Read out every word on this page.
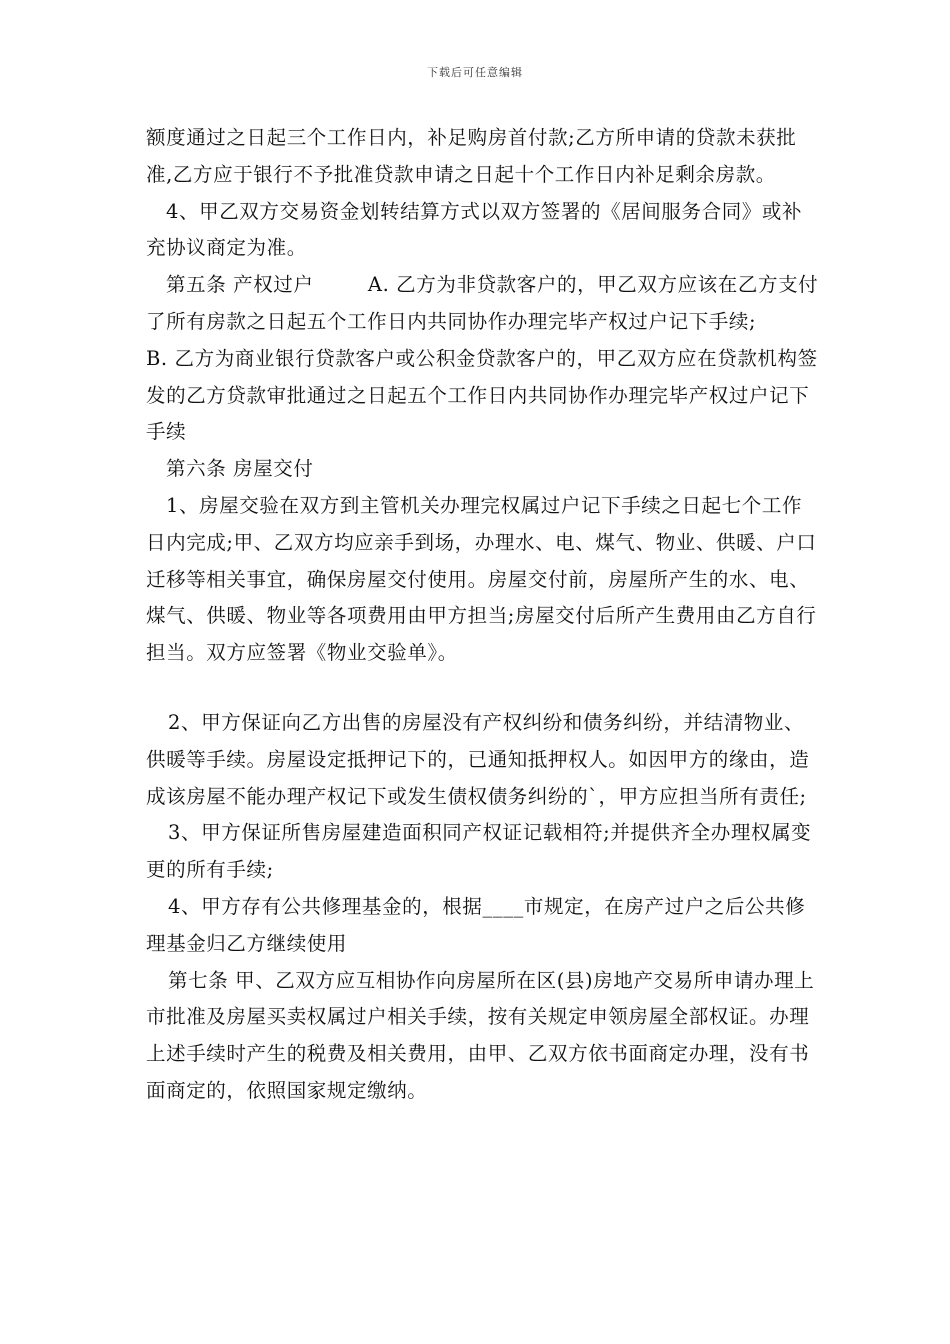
下载后可任意编辑

额度通过之日起三个工作日内，补足购房首付款;乙方所申请的贷款未获批准,乙方应于银行不予批准贷款申请之日起十个工作日内补足剩余房款。

4、甲乙双方交易资金划转结算方式以双方签署的《居间服务合同》或补充协议商定为准。

第五条 产权过户        A. 乙方为非贷款客户的，甲乙双方应该在乙方支付了所有房款之日起五个工作日内共同协作办理完毕产权过户记下手续;        B. 乙方为商业银行贷款客户或公积金贷款客户的，甲乙双方应在贷款机构签发的乙方贷款审批通过之日起五个工作日内共同协作办理完毕产权过户记下手续

第六条 房屋交付

1、房屋交验在双方到主管机关办理完权属过户记下手续之日起七个工作日内完成;甲、乙双方均应亲手到场，办理水、电、煤气、物业、供暖、户口迁移等相关事宜，确保房屋交付使用。房屋交付前，房屋所产生的水、电、煤气、供暖、物业等各项费用由甲方担当;房屋交付后所产生费用由乙方自行担当。双方应签署《物业交验单》。

2、甲方保证向乙方出售的房屋没有产权纠纷和债务纠纷，并结清物业、供暖等手续。房屋设定抵押记下的，已通知抵押权人。如因甲方的缘由，造成该房屋不能办理产权记下或发生债权债务纠纷的`，甲方应担当所有责任;

3、甲方保证所售房屋建造面积同产权证记载相符;并提供齐全办理权属变更的所有手续;

4、甲方存有公共修理基金的，根据____市规定，在房产过户之后公共修理基金归乙方继续使用

第七条 甲、乙双方应互相协作向房屋所在区(县)房地产交易所申请办理上市批准及房屋买卖权属过户相关手续，按有关规定申领房屋全部权证。办理上述手续时产生的税费及相关费用，由甲、乙双方依书面商定办理，没有书面商定的，依照国家规定缴纳。
